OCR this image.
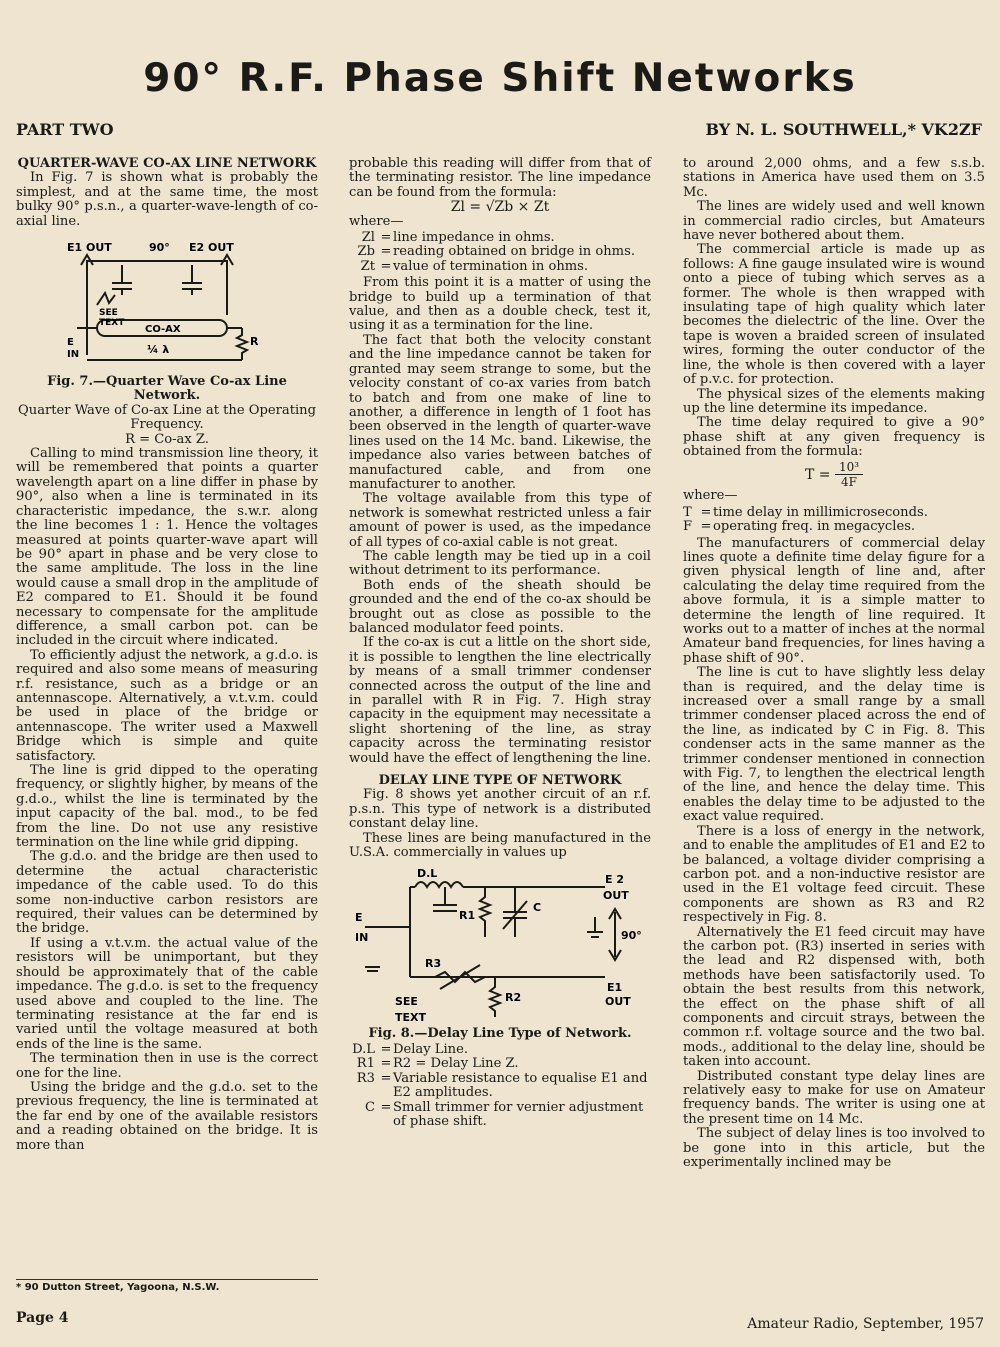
90° R.F. Phase Shift Networks
PART TWO	BY N. L. SOUTHWELL,* VK2ZF

QUARTER-WAVE CO-AX LINE NETWORK

In Fig. 7 is shown what is probably the simplest, and at the same time, the most bulky 90° p.s.n., a quarter-wave-length of co-axial line.

E1 OUT	90° E2 OUT
SEE
TEXT
CO-AX
E
IN	¼ λ
R

Fig. 7.—Quarter Wave Co-ax Line Network.

Quarter Wave of Co-ax Line at the Operating Frequency.

R = Co-ax Z.

Calling to mind transmission line theory, it will be remembered that points a quarter wavelength apart on a line differ in phase by 90°, also when a line is terminated in its characteristic impedance, the s.w.r. along the line becomes 1 : 1. Hence the voltages measured at points quarter-wave apart will be 90° apart in phase and be very close to the same amplitude. The loss in the line would cause a small drop in the amplitude of E2 compared to E1. Should it be found necessary to compensate for the amplitude difference, a small carbon pot. can be included in the circuit where indicated.

To efficiently adjust the network, a g.d.o. is required and also some means of measuring r.f. resistance, such as a bridge or an antennascope. Alternatively, a v.t.v.m. could be used in place of the bridge or antennascope. The writer used a Maxwell Bridge which is simple and quite satisfactory.

The line is grid dipped to the operating frequency, or slightly higher, by means of the g.d.o., whilst the line is terminated by the input capacity of the bal. mod., to be fed from the line. Do not use any resistive termination on the line while grid dipping.

The g.d.o. and the bridge are then used to determine the actual characteristic impedance of the cable used. To do this some non-inductive carbon resistors are required, their values can be determined by the bridge.

If using a v.t.v.m. the actual value of the resistors will be unimportant, but they should be approximately that of the cable impedance. The g.d.o. is set to the frequency used above and coupled to the line. The terminating resistance at the far end is varied until the voltage measured at both ends of the line is the same.

The termination then in use is the correct one for the line.

Using the bridge and the g.d.o. set to the previous frequency, the line is terminated at the far end by one of the available resistors and a reading obtained on the bridge. It is more than

probable this reading will differ from that of the terminating resistor. The line impedance can be found from the formula:

Zl = √Zb × Zt

where—

Zl = line impedance in ohms.
Zb = reading obtained on bridge in ohms.
Zt = value of termination in ohms.

From this point it is a matter of using the bridge to build up a termination of that value, and then as a double check, test it, using it as a termination for the line.

The fact that both the velocity constant and the line impedance cannot be taken for granted may seem strange to some, but the velocity constant of co-ax varies from batch to batch and from one make of line to another, a difference in length of 1 foot has been observed in the length of quarter-wave lines used on the 14 Mc. band. Likewise, the impedance also varies between batches of manufactured cable, and from one manufacturer to another.

The voltage available from this type of network is somewhat restricted unless a fair amount of power is used, as the impedance of all types of co-axial cable is not great.

The cable length may be tied up in a coil without detriment to its performance.

Both ends of the sheath should be grounded and the end of the co-ax should be brought out as close as possible to the balanced modulator feed points.

If the co-ax is cut a little on the short side, it is possible to lengthen the line electrically by means of a small trimmer condenser connected across the output of the line and in parallel with R in Fig. 7. High stray capacity in the equipment may necessitate a slight shortening of the line, as stray capacity across the terminating resistor would have the effect of lengthening the line.

DELAY LINE TYPE OF NETWORK

Fig. 8 shows yet another circuit of an r.f. p.s.n. This type of network is a distributed constant delay line.

These lines are being manufactured in the U.S.A. commercially in values up

D.L
E
IN
R1
C
E 2
OUT
90°
R3
R2
E1
OUT
SEE
TEXT

Fig. 8.—Delay Line Type of Network.

D.L = Delay Line.
R1 = R2 = Delay Line Z.
R3 = Variable resistance to equalise E1 and E2 amplitudes.
C = Small trimmer for vernier adjustment of phase shift.

to around 2,000 ohms, and a few s.s.b. stations in America have used them on 3.5 Mc.

The lines are widely used and well known in commercial radio circles, but Amateurs have never bothered about them.

The commercial article is made up as follows: A fine gauge insulated wire is wound onto a piece of tubing which serves as a former. The whole is then wrapped with insulating tape of high quality which later becomes the dielectric of the line. Over the tape is woven a braided screen of insulated wires, forming the outer conductor of the line, the whole is then covered with a layer of p.v.c. for protection.

The physical sizes of the elements making up the line determine its impedance.

The time delay required to give a 90° phase shift at any given frequency is obtained from the formula:

$T = \frac{\text{10³}}{4F}$

where—

T = time delay in millimicroseconds.
F = operating freq. in megacycles.

The manufacturers of commercial delay lines quote a definite time delay figure for a given physical length of line and, after calculating the delay time required from the above formula, it is a simple matter to determine the length of line required. It works out to a matter of inches at the normal Amateur band frequencies, for lines having a phase shift of 90°.

The line is cut to have slightly less delay than is required, and the delay time is increased over a small range by a small trimmer condenser placed across the end of the line, as indicated by C in Fig. 8. This condenser acts in the same manner as the trimmer condenser mentioned in connection with Fig. 7, to lengthen the electrical length of the line, and hence the delay time. This enables the delay time to be adjusted to the exact value required.

There is a loss of energy in the network, and to enable the amplitudes of E1 and E2 to be balanced, a voltage divider comprising a carbon pot. and a non-inductive resistor are used in the E1 voltage feed circuit. These components are shown as R3 and R2 respectively in Fig. 8.

Alternatively the E1 feed circuit may have the carbon pot. (R3) inserted in series with the lead and R2 dispensed with, both methods have been satisfactorily used. To obtain the best results from this network, the effect on the phase shift of all components and circuit strays, between the common r.f. voltage source and the two bal. mods., additional to the delay line, should be taken into account.

Distributed constant type delay lines are relatively easy to make for use on Amateur frequency bands. The writer is using one at the present time on 14 Mc.

The subject of delay lines is too involved to be gone into in this article, but the experimentally inclined may be

* 90 Dutton Street, Yagoona, N.S.W.
Page 4	Amateur Radio, September, 1957
